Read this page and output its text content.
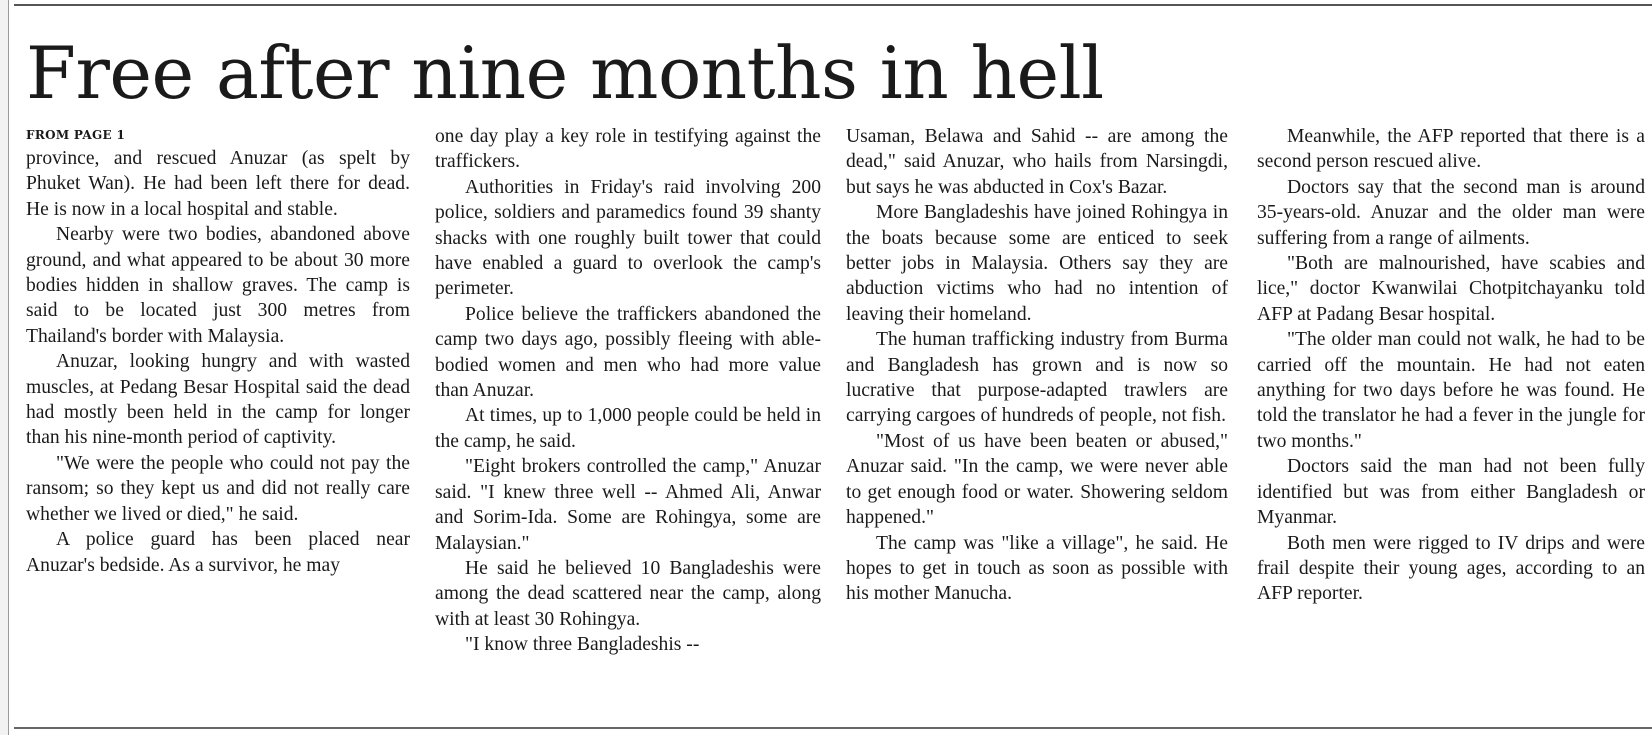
Free after nine months in hell
FROM PAGE 1

province, and rescued Anuzar (as spelt by Phuket Wan). He had been left there for dead. He is now in a local hospital and stable.

Nearby were two bodies, abandoned above ground, and what appeared to be about 30 more bodies hidden in shallow graves. The camp is said to be located just 300 metres from Thailand's border with Malaysia.

Anuzar, looking hungry and with wasted muscles, at Pedang Besar Hospital said the dead had mostly been held in the camp for longer than his nine-month period of captivity.

"We were the people who could not pay the ransom; so they kept us and did not really care whether we lived or died," he said.

A police guard has been placed near Anuzar's bedside. As a survivor, he may

one day play a key role in testifying against the traffickers.

Authorities in Friday's raid involving 200 police, soldiers and paramedics found 39 shanty shacks with one roughly built tower that could have enabled a guard to overlook the camp's perimeter.

Police believe the traffickers abandoned the camp two days ago, possibly fleeing with able-bodied women and men who had more value than Anuzar.

At times, up to 1,000 people could be held in the camp, he said.

"Eight brokers controlled the camp," Anuzar said. "I knew three well -- Ahmed Ali, Anwar and Sorim-Ida. Some are Rohingya, some are Malaysian."

He said he believed 10 Bangladeshis were among the dead scattered near the camp, along with at least 30 Rohingya.

"I know three Bangladeshis --

Usaman, Belawa and Sahid -- are among the dead," said Anuzar, who hails from Narsingdi, but says he was abducted in Cox's Bazar.

More Bangladeshis have joined Rohingya in the boats because some are enticed to seek better jobs in Malaysia. Others say they are abduction victims who had no intention of leaving their homeland.

The human trafficking industry from Burma and Bangladesh has grown and is now so lucrative that purpose-adapted trawlers are carrying cargoes of hundreds of people, not fish.

"Most of us have been beaten or abused," Anuzar said. "In the camp, we were never able to get enough food or water. Showering seldom happened."

The camp was "like a village", he said. He hopes to get in touch as soon as possible with his mother Manucha.

Meanwhile, the AFP reported that there is a second person rescued alive.

Doctors say that the second man is around 35-years-old. Anuzar and the older man were suffering from a range of ailments.

"Both are malnourished, have scabies and lice," doctor Kwanwilai Chotpitchayanku told AFP at Padang Besar hospital.

"The older man could not walk, he had to be carried off the mountain. He had not eaten anything for two days before he was found. He told the translator he had a fever in the jungle for two months."

Doctors said the man had not been fully identified but was from either Bangladesh or Myanmar.

Both men were rigged to IV drips and were frail despite their young ages, according to an AFP reporter.
